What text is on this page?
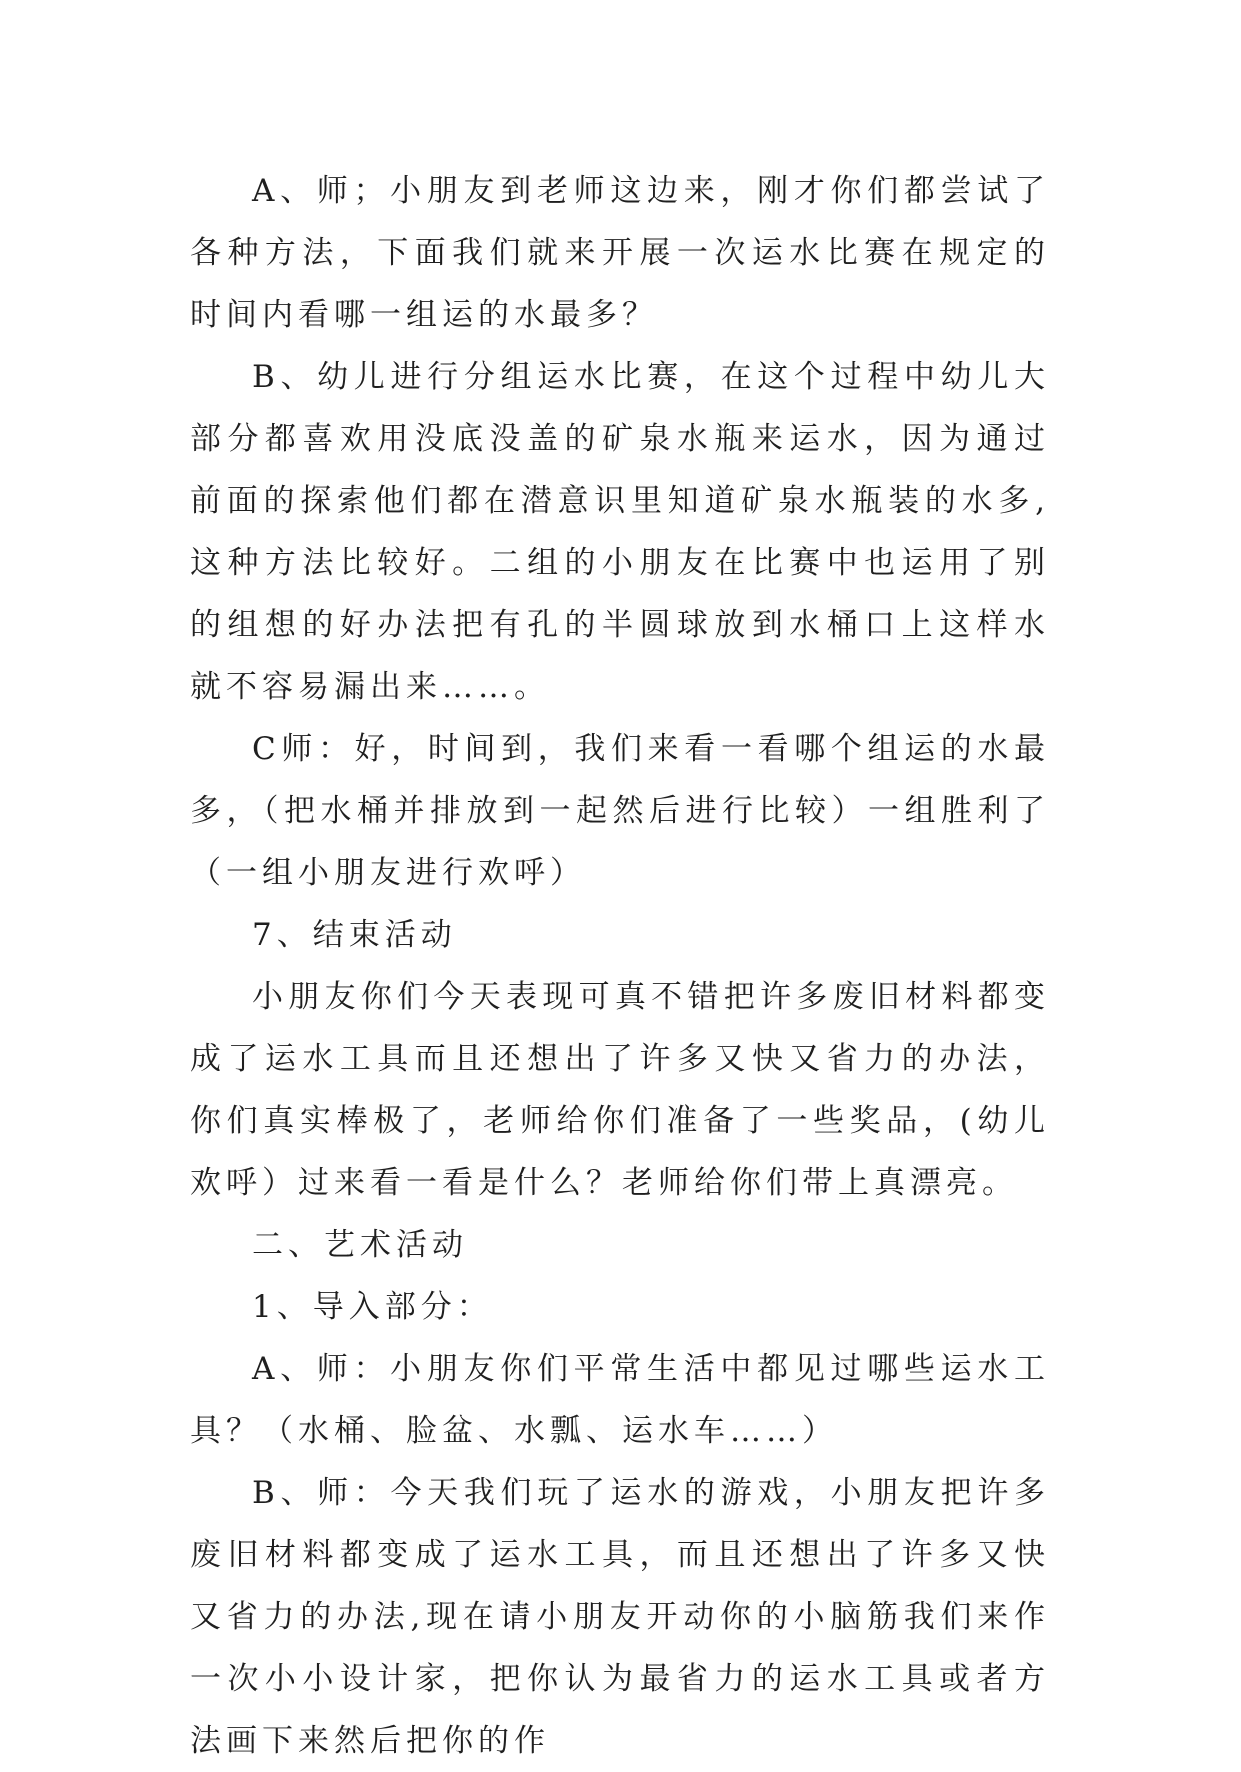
A、师；小朋友到老师这边来，刚才你们都尝试了各种方法，下面我们就来开展一次运水比赛在规定的时间内看哪一组运的水最多？

B、幼儿进行分组运水比赛，在这个过程中幼儿大部分都喜欢用没底没盖的矿泉水瓶来运水，因为通过前面的探索他们都在潜意识里知道矿泉水瓶装的水多,这种方法比较好。二组的小朋友在比赛中也运用了别的组想的好办法把有孔的半圆球放到水桶口上这样水就不容易漏出来……。

C师：好，时间到，我们来看一看哪个组运的水最多，（把水桶并排放到一起然后进行比较）一组胜利了（一组小朋友进行欢呼）

7、结束活动

小朋友你们今天表现可真不错把许多废旧材料都变成了运水工具而且还想出了许多又快又省力的办法，你们真实棒极了，老师给你们准备了一些奖品，(幼儿欢呼）过来看一看是什么？老师给你们带上真漂亮。

二、艺术活动

1、导入部分：

A、师：小朋友你们平常生活中都见过哪些运水工具？（水桶、脸盆、水瓢、运水车……）

B、师：今天我们玩了运水的游戏，小朋友把许多废旧材料都变成了运水工具，而且还想出了许多又快又省力的办法,现在请小朋友开动你的小脑筋我们来作一次小小设计家，把你认为最省力的运水工具或者方法画下来然后把你的作
